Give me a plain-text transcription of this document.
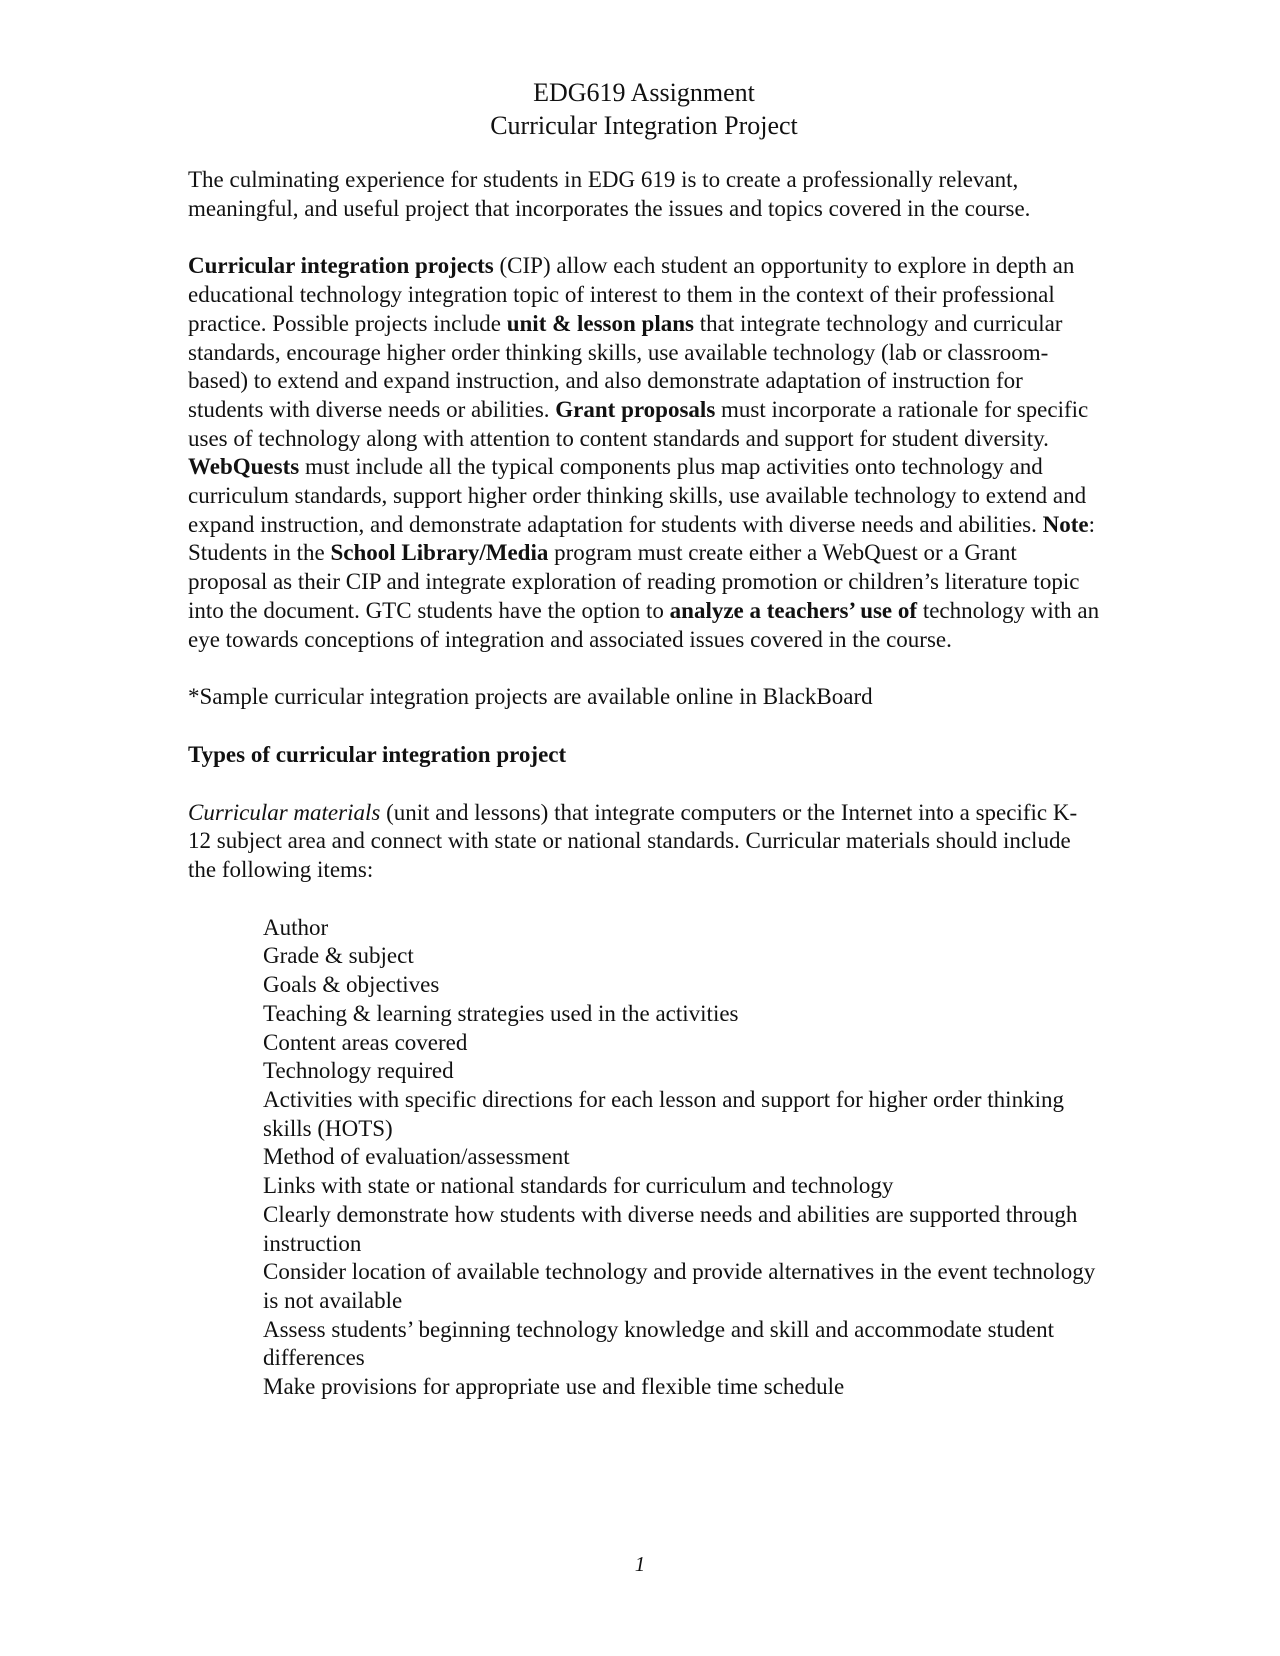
EDG619 Assignment
Curricular Integration Project

The culminating experience for students in EDG 619 is to create a professionally relevant, meaningful, and useful project that incorporates the issues and topics covered in the course.

Curricular integration projects (CIP) allow each student an opportunity to explore in depth an educational technology integration topic of interest to them in the context of their professional practice. Possible projects include unit & lesson plans that integrate technology and curricular standards, encourage higher order thinking skills, use available technology (lab or classroom-based) to extend and expand instruction, and also demonstrate adaptation of instruction for students with diverse needs or abilities. Grant proposals must incorporate a rationale for specific uses of technology along with attention to content standards and support for student diversity. WebQuests must include all the typical components plus map activities onto technology and curriculum standards, support higher order thinking skills, use available technology to extend and expand instruction, and demonstrate adaptation for students with diverse needs and abilities. Note: Students in the School Library/Media program must create either a WebQuest or a Grant proposal as their CIP and integrate exploration of reading promotion or children’s literature topic into the document. GTC students have the option to analyze a teachers’ use of technology with an eye towards conceptions of integration and associated issues covered in the course.

*Sample curricular integration projects are available online in BlackBoard

Types of curricular integration project

Curricular materials (unit and lessons) that integrate computers or the Internet into a specific K-12 subject area and connect with state or national standards. Curricular materials should include the following items:

Author
Grade & subject
Goals & objectives
Teaching & learning strategies used in the activities
Content areas covered
Technology required
Activities with specific directions for each lesson and support for higher order thinking skills (HOTS)
Method of evaluation/assessment
Links with state or national standards for curriculum and technology
Clearly demonstrate how students with diverse needs and abilities are supported through instruction
Consider location of available technology and provide alternatives in the event technology is not available
Assess students’ beginning technology knowledge and skill and accommodate student differences
Make provisions for appropriate use and flexible time schedule
1
